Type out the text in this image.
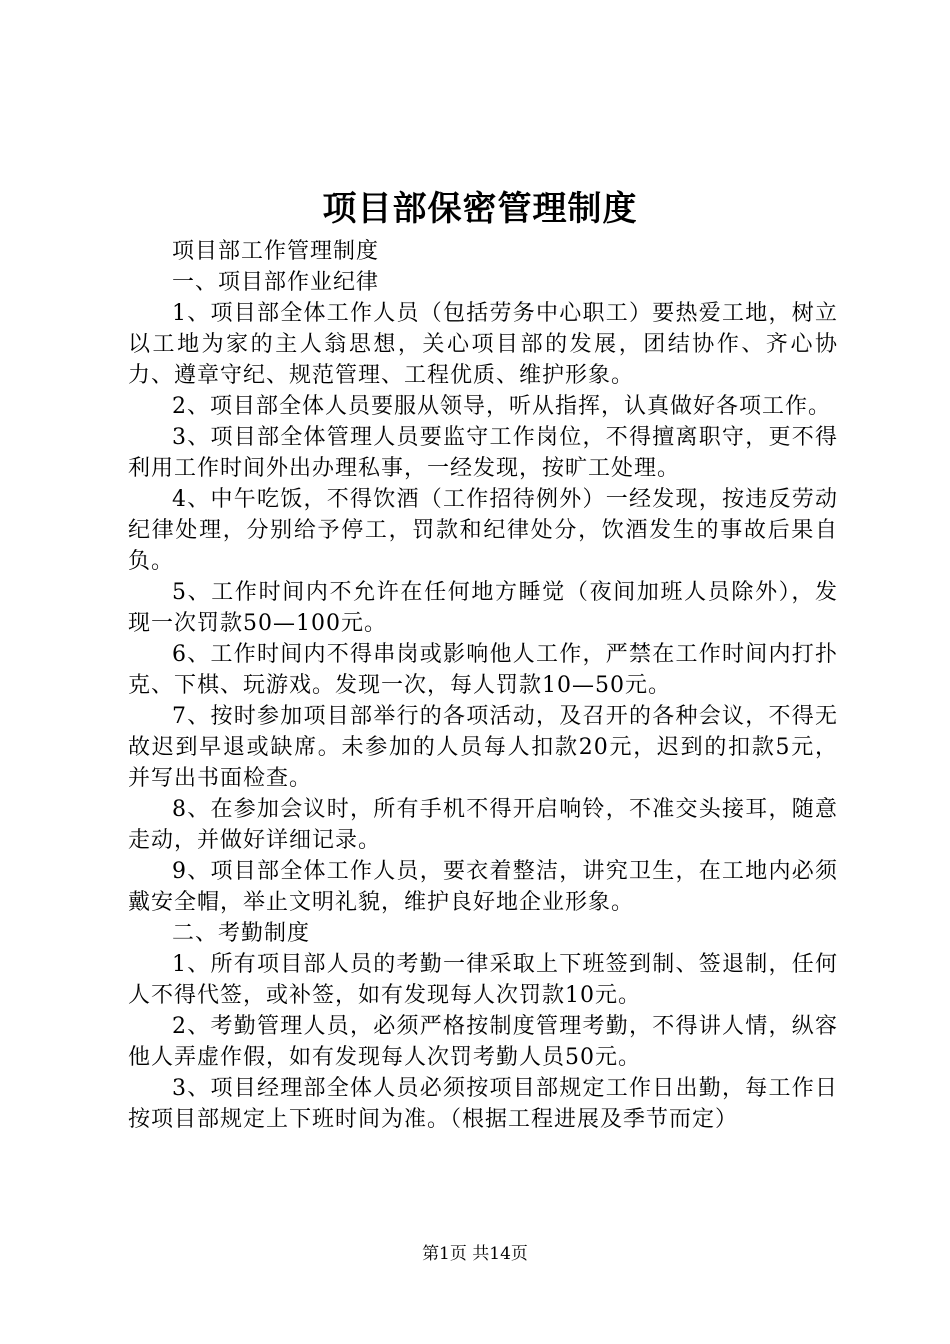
项目部保密管理制度

项目部工作管理制度

一、项目部作业纪律

1、项目部全体工作人员（包括劳务中心职工）要热爱工地，树立以工地为家的主人翁思想，关心项目部的发展，团结协作、齐心协力、遵章守纪、规范管理、工程优质、维护形象。

2、项目部全体人员要服从领导，听从指挥，认真做好各项工作。

3、项目部全体管理人员要监守工作岗位，不得擅离职守，更不得利用工作时间外出办理私事，一经发现，按旷工处理。

4、中午吃饭，不得饮酒（工作招待例外）一经发现，按违反劳动纪律处理，分别给予停工，罚款和纪律处分，饮酒发生的事故后果自负。

5、工作时间内不允许在任何地方睡觉（夜间加班人员除外），发现一次罚款50—100元。

6、工作时间内不得串岗或影响他人工作，严禁在工作时间内打扑克、下棋、玩游戏。发现一次，每人罚款10—50元。

7、按时参加项目部举行的各项活动，及召开的各种会议，不得无故迟到早退或缺席。未参加的人员每人扣款20元，迟到的扣款5元，并写出书面检查。

8、在参加会议时，所有手机不得开启响铃，不准交头接耳，随意走动，并做好详细记录。

9、项目部全体工作人员，要衣着整洁，讲究卫生，在工地内必须戴安全帽，举止文明礼貌，维护良好地企业形象。

二、考勤制度

1、所有项目部人员的考勤一律采取上下班签到制、签退制，任何人不得代签，或补签，如有发现每人次罚款10元。

2、考勤管理人员，必须严格按制度管理考勤，不得讲人情，纵容他人弄虚作假，如有发现每人次罚考勤人员50元。

3、项目经理部全体人员必须按项目部规定工作日出勤，每工作日按项目部规定上下班时间为准。（根据工程进展及季节而定）

第1页 共14页
